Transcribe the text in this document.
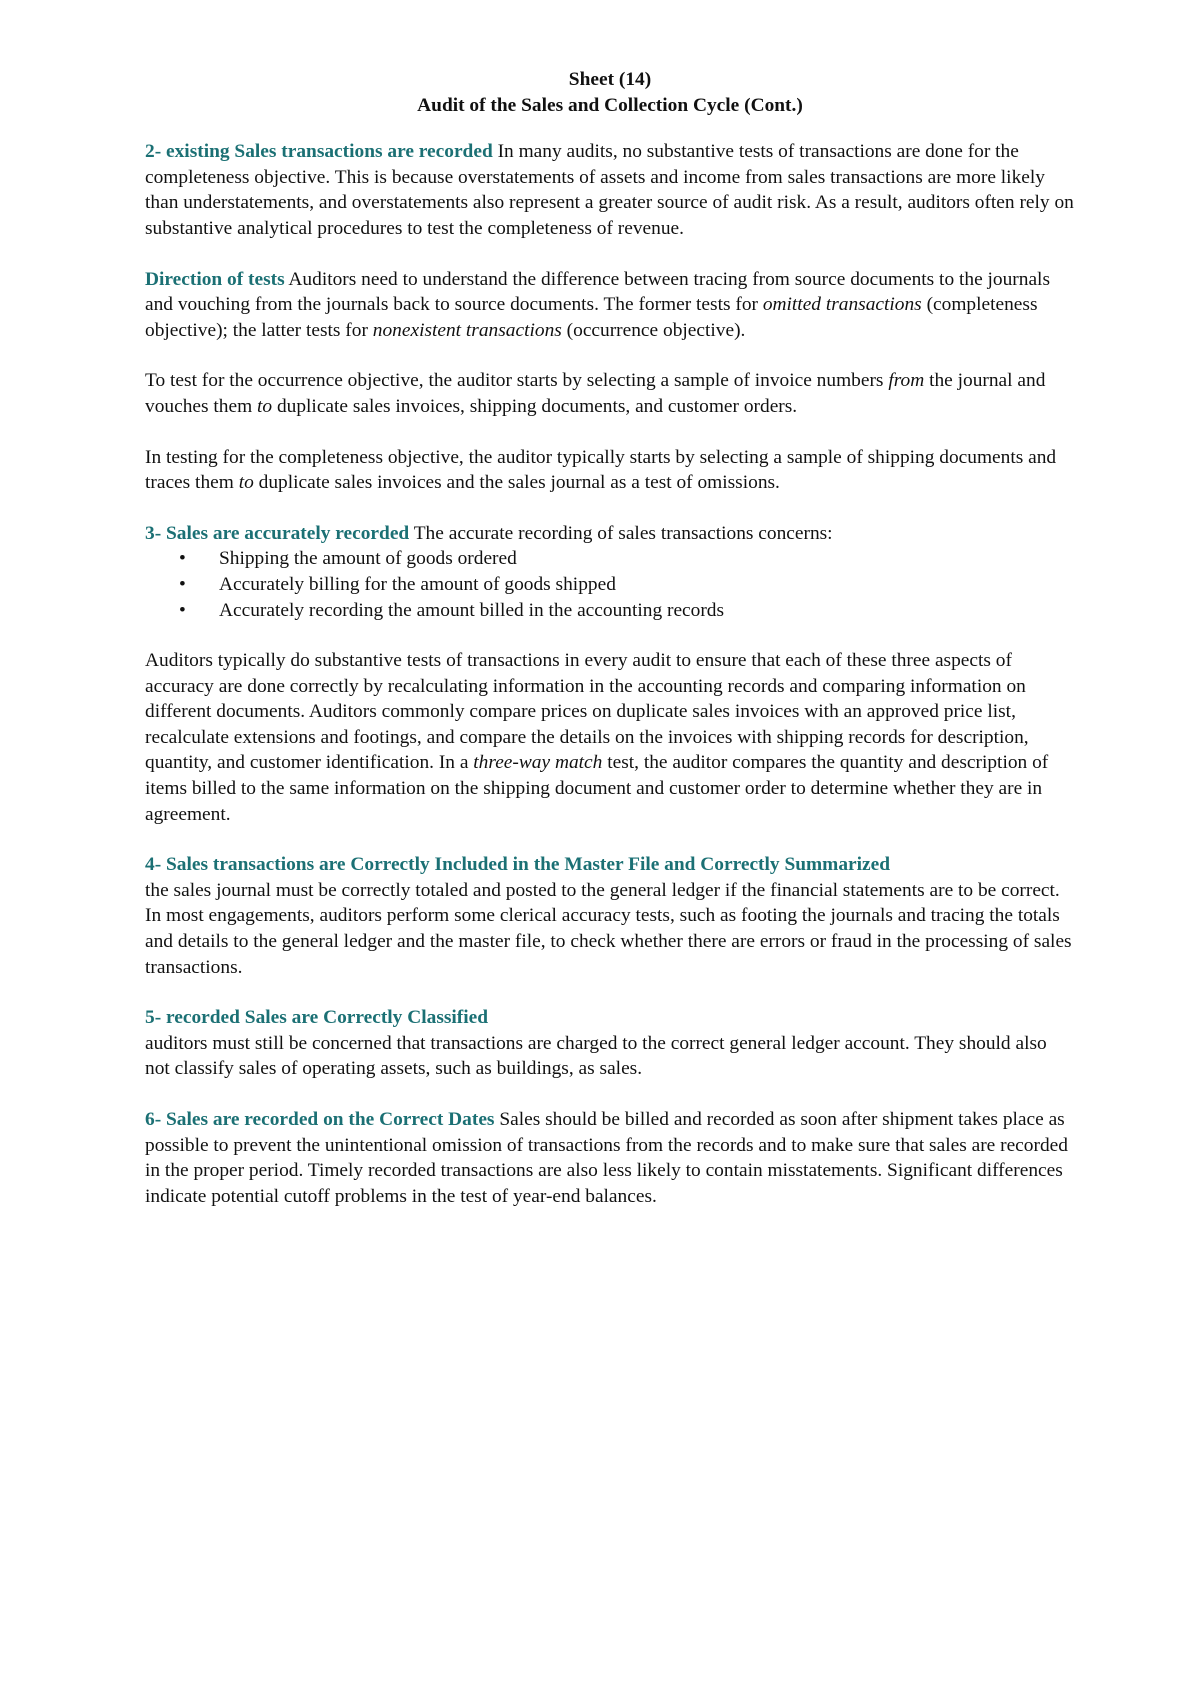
Sheet (14)
Audit of the Sales and Collection Cycle (Cont.)

2- existing Sales transactions are recorded In many audits, no substantive tests of transactions are done for the completeness objective. This is because overstatements of assets and income from sales transactions are more likely than understatements, and overstatements also represent a greater source of audit risk. As a result, auditors often rely on substantive analytical procedures to test the completeness of revenue.

Direction of tests Auditors need to understand the difference between tracing from source documents to the journals and vouching from the journals back to source documents. The former tests for omitted transactions (completeness objective); the latter tests for nonexistent transactions (occurrence objective).

To test for the occurrence objective, the auditor starts by selecting a sample of invoice numbers from the journal and vouches them to duplicate sales invoices, shipping documents, and customer orders.

In testing for the completeness objective, the auditor typically starts by selecting a sample of shipping documents and traces them to duplicate sales invoices and the sales journal as a test of omissions.

3- Sales are accurately recorded The accurate recording of sales transactions concerns:

• Shipping the amount of goods ordered
• Accurately billing for the amount of goods shipped
• Accurately recording the amount billed in the accounting records

Auditors typically do substantive tests of transactions in every audit to ensure that each of these three aspects of accuracy are done correctly by recalculating information in the accounting records and comparing information on different documents. Auditors commonly compare prices on duplicate sales invoices with an approved price list, recalculate extensions and footings, and compare the details on the invoices with shipping records for description, quantity, and customer identification. In a three-way match test, the auditor compares the quantity and description of items billed to the same information on the shipping document and customer order to determine whether they are in agreement.

4- Sales transactions are Correctly Included in the Master File and Correctly Summarized
the sales journal must be correctly totaled and posted to the general ledger if the financial statements are to be correct. In most engagements, auditors perform some clerical accuracy tests, such as footing the journals and tracing the totals and details to the general ledger and the master file, to check whether there are errors or fraud in the processing of sales transactions.

5- recorded Sales are Correctly Classified
auditors must still be concerned that transactions are charged to the correct general ledger account. They should also not classify sales of operating assets, such as buildings, as sales.

6- Sales are recorded on the Correct Dates Sales should be billed and recorded as soon after shipment takes place as possible to prevent the unintentional omission of transactions from the records and to make sure that sales are recorded in the proper period. Timely recorded transactions are also less likely to contain misstatements. Significant differences indicate potential cutoff problems in the test of year-end balances.
